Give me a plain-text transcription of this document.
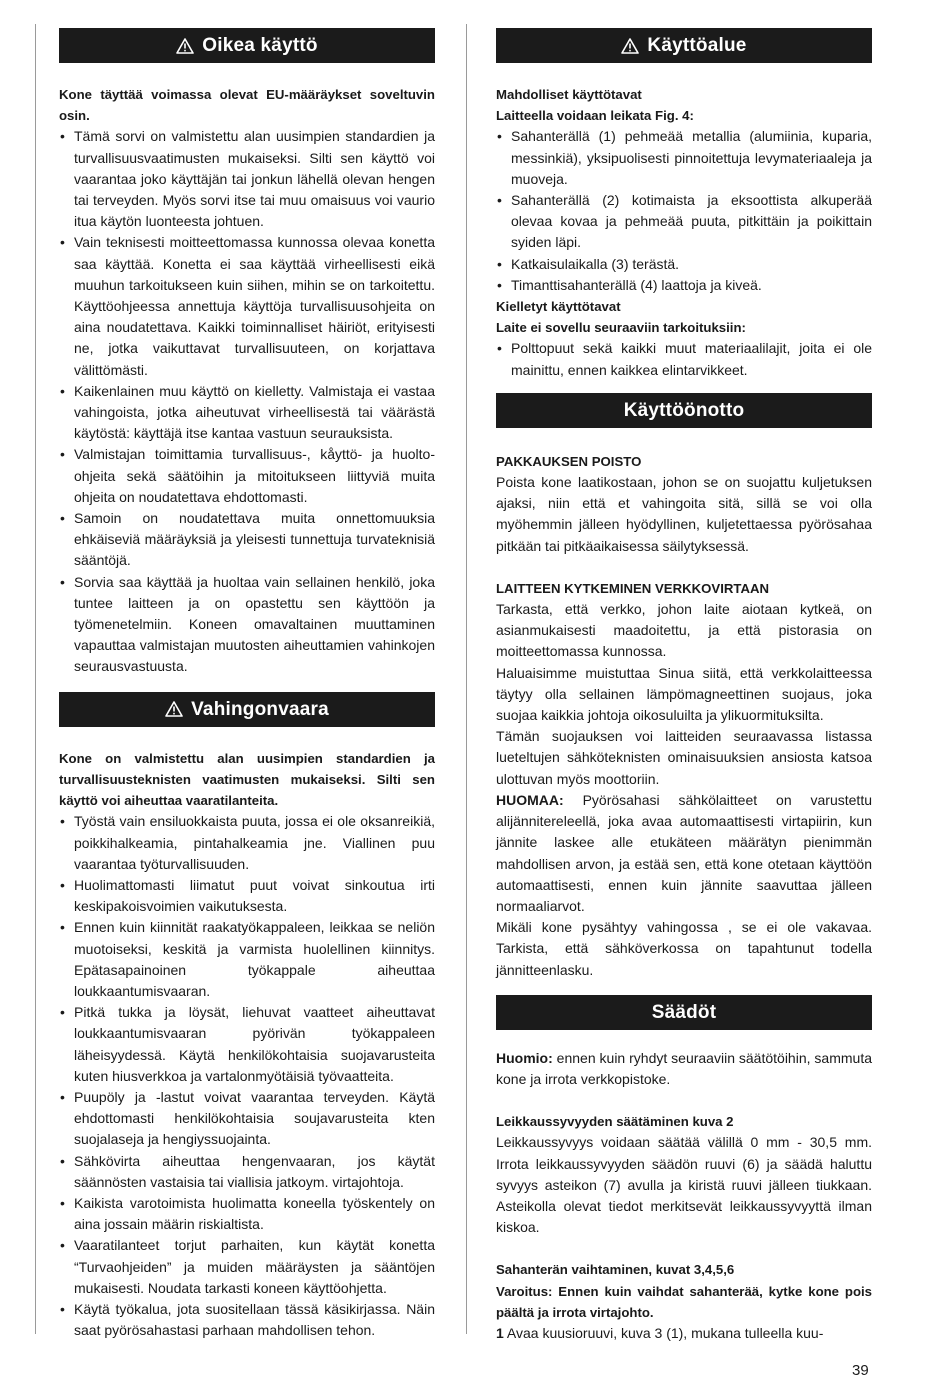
Oikea käyttö

Kone täyttää voimassa olevat EU-määräykset soveltuvin osin.

• Tämä sorvi on valmistettu alan uusimpien standardien ja turvallisuusvaatimusten mukaiseksi. Silti sen käyttö voi vaarantaa joko käyttäjän tai jonkun lähellä olevan hengen tai terveyden. Myös sorvi itse tai muu omaisuus voi vaurio itua käytön luonteesta johtuen.
• Vain teknisesti moitteettomassa kunnossa olevaa konetta saa käyttää. Konetta ei saa käyttää virheellisesti eikä muuhun tarkoitukseen kuin siihen, mihin se on tarkoitettu. Käyttöohjeessa annettuja käyttöja turvallisuusohjeita on aina noudatettava. Kaikki toiminnalliset häiriöt, erityisesti ne, jotka vaikuttavat turvallisuuteen, on korjattava välittömästi.
• Kaikenlainen muu käyttö on kielletty. Valmistaja ei vastaa vahingoista, jotka aiheutuvat virheellisestä tai väärästä käytöstä: käyttäjä itse kantaa vastuun seurauksista.
• Valmistajan toimittamia turvallisuus-, kåyttö- ja huolto-ohjeita sekä säätöihin ja mitoitukseen liittyviä muita ohjeita on noudatettava ehdottomasti.
• Samoin on noudatettava muita onnettomuuksia ehkäiseviä määräyksiä ja yleisesti tunnettuja turvateknisiä sääntöjä.
• Sorvia saa käyttää ja huoltaa vain sellainen henkilö, joka tuntee laitteen ja on opastettu sen käyttöön ja työmenetelmiin. Koneen omavaltainen muuttaminen vapauttaa valmistajan muutosten aiheuttamien vahinkojen seurausvastuusta.
Vahingonvaara

Kone on valmistettu alan uusimpien standardien ja turvallisuusteknisten vaatimusten mukaiseksi. Silti sen käyttö voi aiheuttaa vaaratilanteita.

• Työstä vain ensiluokkaista puuta, jossa ei ole oksanreikiä, poikkihalkeamia, pintahalkeamia jne. Viallinen puu vaarantaa työturvallisuuden.
• Huolimattomasti liimatut puut voivat sinkoutua irti keskipakoisvoimien vaikutuksesta.
• Ennen kuin kiinnität raakatyökappaleen, leikkaa se neliön muotoiseksi, keskitä ja varmista huolellinen kiinnitys. Epätasapainoinen työkappale aiheuttaa loukkaantumisvaaran.
• Pitkä tukka ja löysät, liehuvat vaatteet aiheuttavat loukkaantumisvaaran pyörivän työkappaleen läheisyydessä. Käytä henkilökohtaisia suojavarusteita kuten hiusverkkoa ja vartalonmyötäisiä työvaatteita.
• Puupöly ja -lastut voivat vaarantaa terveyden. Käytä ehdottomasti henkilökohtaisia soujavarusteita kten suojalaseja ja hengiyssuojainta.
• Sähkövirta aiheuttaa hengenvaaran, jos käytät säännösten vastaisia tai viallisia jatkoym. virtajohtoja.
• Kaikista varotoimista huolimatta koneella työskentely on aina jossain määrin riskialtista.
• Vaaratilanteet torjut parhaiten, kun käytät konetta “Turvaohjeiden” ja muiden määräysten ja sääntöjen mukaisesti. Noudata tarkasti koneen käyttöohjetta.
• Käytä työkalua, jota suositellaan tässä käsikirjassa. Näin saat pyörösahastasi parhaan mahdollisen tehon.
Käyttöalue

Mahdolliset käyttötavat

Laitteella voidaan leikata Fig. 4:

• Sahanterällä (1) pehmeää metallia (alumiinia, kuparia, messinkiä), yksipuolisesti pinnoitettuja levymateriaaleja ja muoveja.
• Sahanterällä (2) kotimaista ja eksoottista alkuperää olevaa kovaa ja pehmeää puuta, pitkittäin ja poikittain syiden läpi.
• Katkaisulaikalla (3) terästä.
• Timanttisahanterällä (4) laattoja ja kiveä.

Kielletyt käyttötavat

Laite ei sovellu seuraaviin tarkoituksiin:

• Polttopuut sekä kaikki muut materiaalilajit, joita ei ole mainittu, ennen kaikkea elintarvikkeet.
Käyttöönotto

PAKKAUKSEN POISTO

Poista kone laatikostaan, johon se on suojattu kuljetuksen ajaksi, niin että et vahingoita sitä, sillä se voi olla myöhemmin jälleen hyödyllinen, kuljetettaessa pyörösahaa pitkään tai pitkäaikaisessa säilytyksessä.

LAITTEEN KYTKEMINEN VERKKOVIRTAAN

Tarkasta, että verkko, johon laite aiotaan kytkeä, on asianmukaisesti maadoitettu, ja että pistorasia on moitteettomassa kunnossa.

Haluaisimme muistuttaa Sinua siitä, että verkkolaitteessa täytyy olla sellainen lämpömagneettinen suojaus, joka suojaa kaikkia johtoja oikosuluilta ja ylikuormituksilta.

Tämän suojauksen voi laitteiden seuraavassa listassa lueteltujen sähköteknisten ominaisuuksien ansiosta katsoa ulottuvan myös moottoriin.

HUOMAA: Pyörösahasi sähkölaitteet on varustettu alijännitereleellä, joka avaa automaattisesti virtapiirin, kun jännite laskee alle etukäteen määrätyn pienimmän mahdollisen arvon, ja estää sen, että kone otetaan käyttöön automaattisesti, ennen kuin jännite saavuttaa jälleen normaaliarvot.

Mikäli kone pysähtyy vahingossa , se ei ole vakavaa. Tarkista, että sähköverkossa on tapahtunut todella jännitteenlasku.

Säädöt

Huomio: ennen kuin ryhdyt seuraaviin säätötöihin, sammuta kone ja irrota verkkopistoke.

Leikkaussyvyyden säätäminen kuva 2

Leikkaussyvyys voidaan säätää välillä 0 mm - 30,5 mm. Irrota leikkaussyvyyden säädön ruuvi (6) ja säädä haluttu syvyys asteikon (7) avulla ja kiristä ruuvi jälleen tiukkaan. Asteikolla olevat tiedot merkitsevät leikkaussyvyyttä ilman kiskoa.

Sahanterän vaihtaminen, kuvat 3,4,5,6

Varoitus: Ennen kuin vaihdat sahanterää, kytke kone pois päältä ja irrota virtajohto.

1 Avaa kuusioruuvi, kuva 3 (1), mukana tulleella kuu-

39
